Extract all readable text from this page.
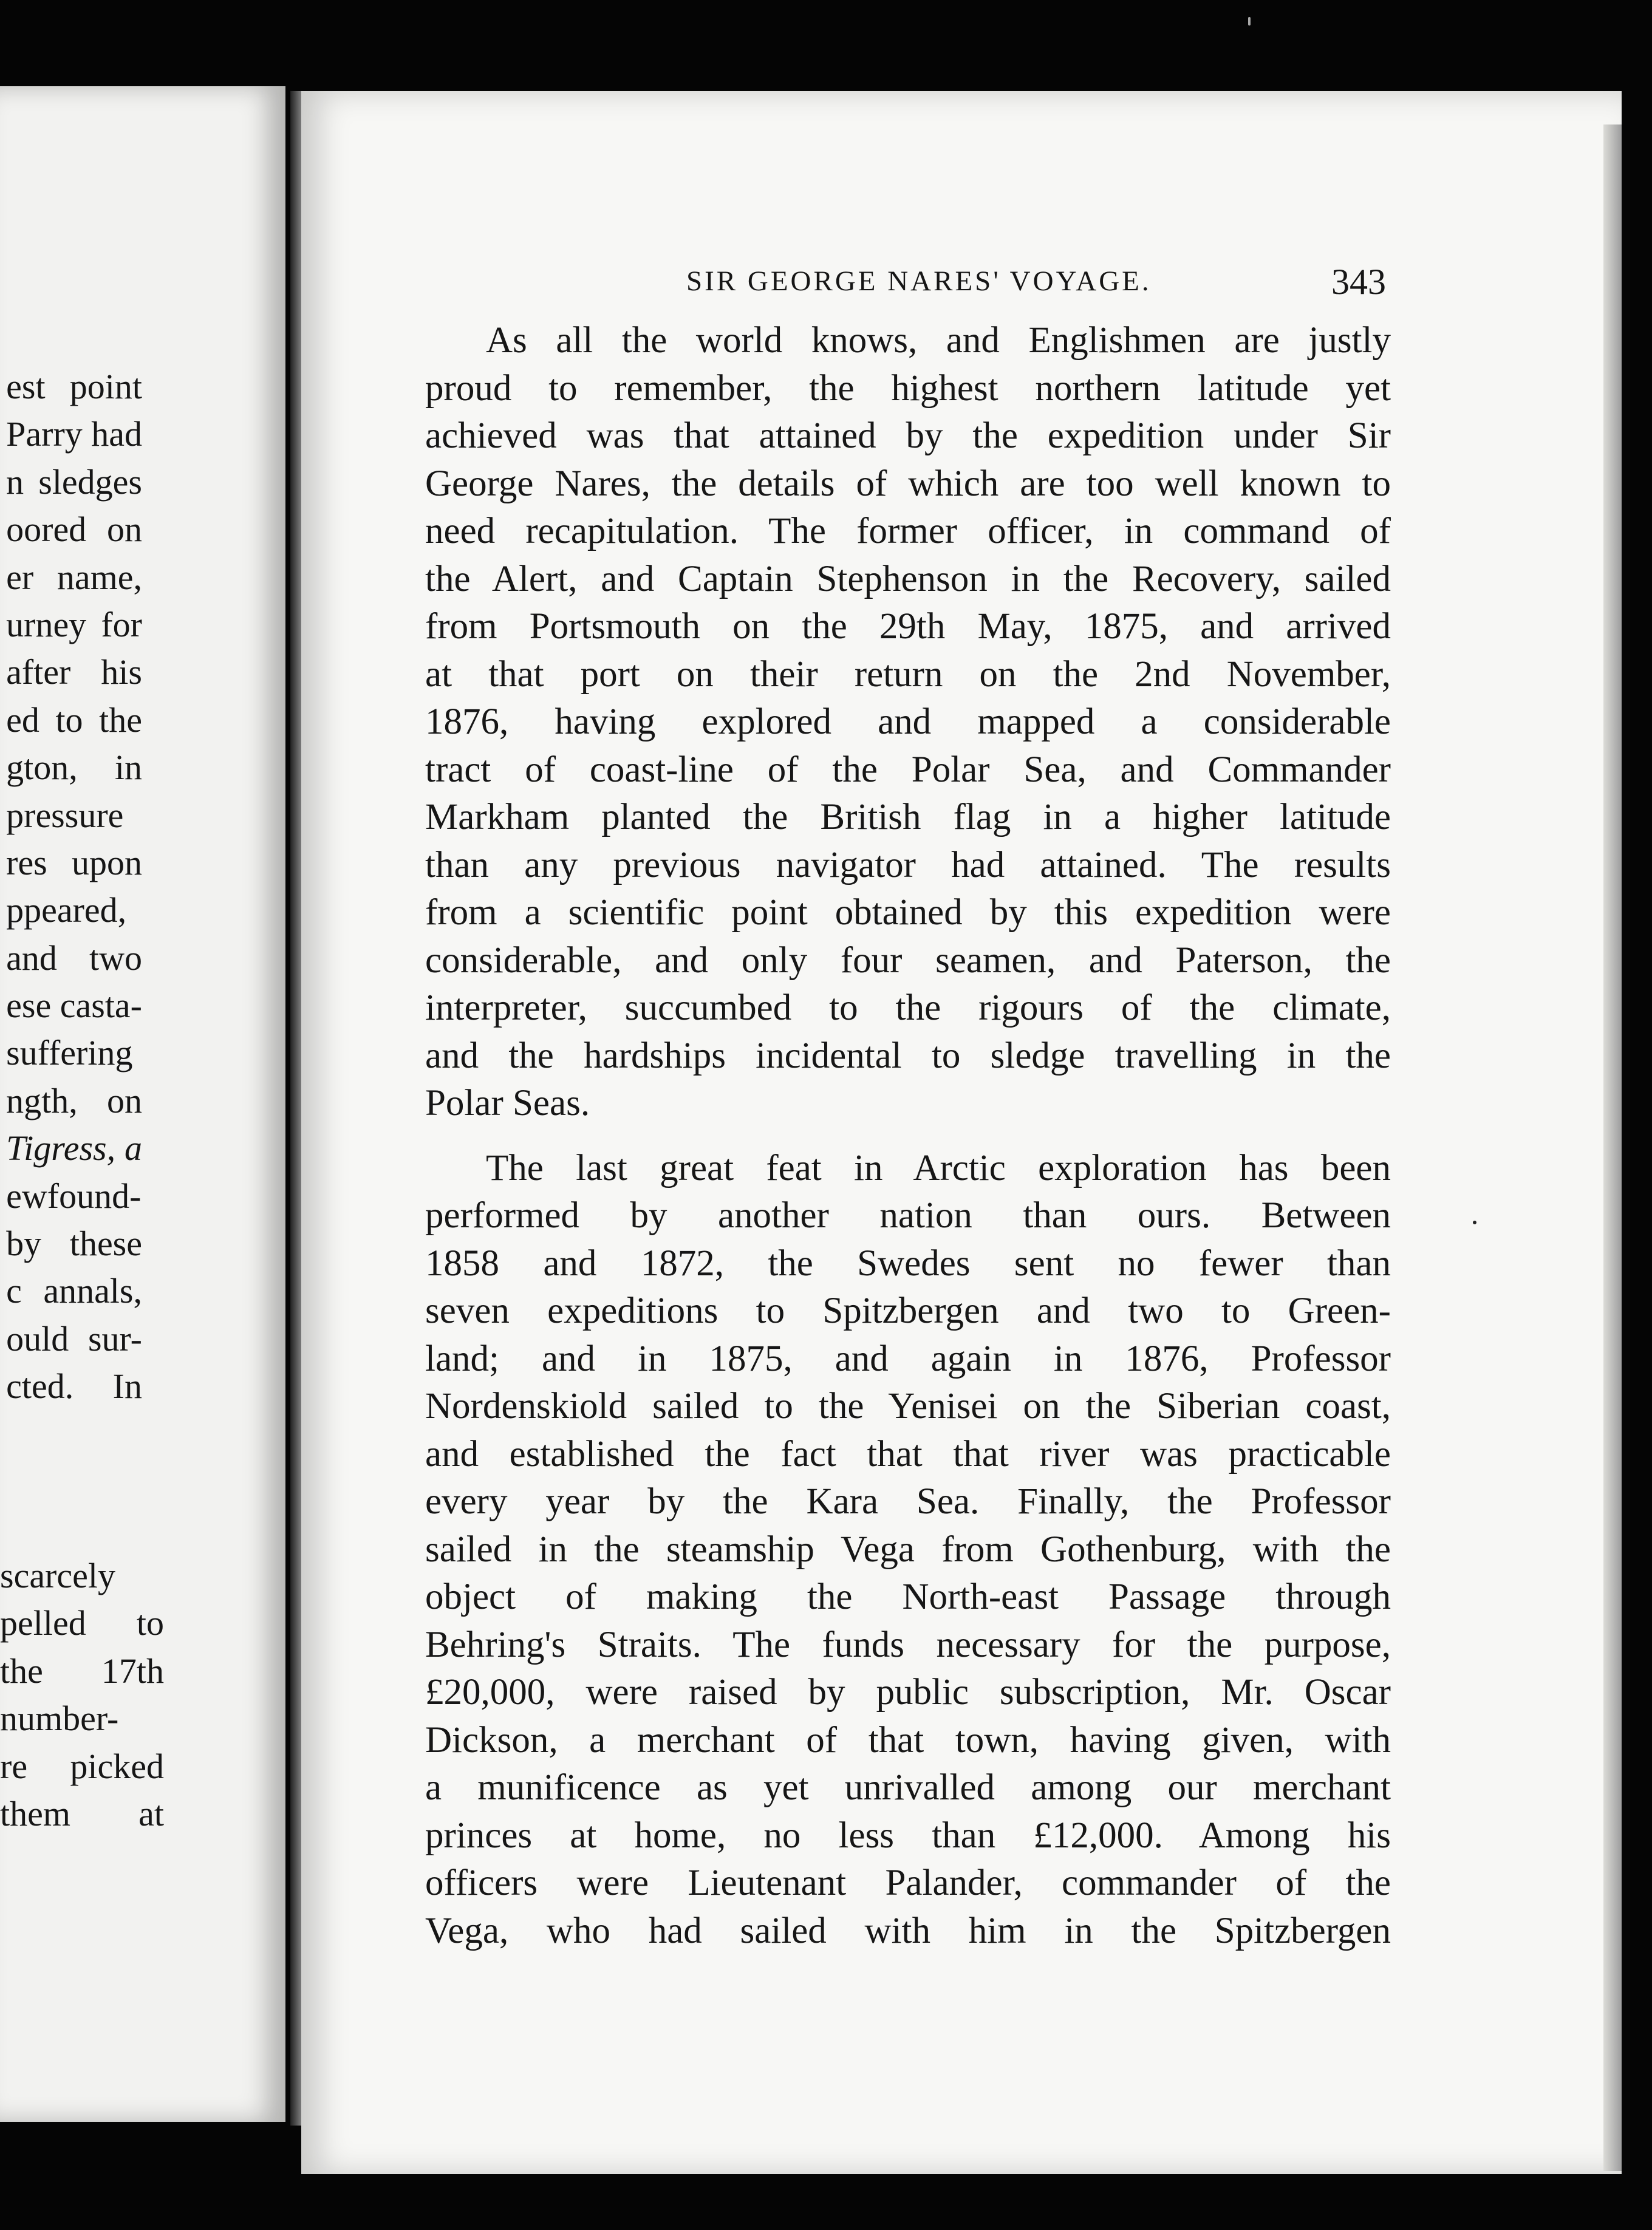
est point
Parry had
n sledges
oored on
er name,
urney for
after his
ed to the
gton, in
pressure
res upon
ppeared,
and two
ese casta-
suffering
ngth, on
Tigress, a
ewfound-
by these
c annals,
ould sur-
cted. In
scarcely
pelled to
the 17th
number-
re picked
them at
SIR GEORGE NARES' VOYAGE.	343
As all the world knows, and Englishmen are justly
proud to remember, the highest northern latitude yet
achieved was that attained by the expedition under Sir
George Nares, the details of which are too well known to
need recapitulation. The former officer, in command of
the Alert, and Captain Stephenson in the Recovery, sailed
from Portsmouth on the 29th May, 1875, and arrived
at that port on their return on the 2nd November,
1876, having explored and mapped a considerable
tract of coast-line of the Polar Sea, and Commander
Markham planted the British flag in a higher latitude
than any previous navigator had attained. The results
from a scientific point obtained by this expedition were
considerable, and only four seamen, and Paterson, the
interpreter, succumbed to the rigours of the climate,
and the hardships incidental to sledge travelling in the
Polar Seas.
The last great feat in Arctic exploration has been
performed by another nation than ours. Between
1858 and 1872, the Swedes sent no fewer than
seven expeditions to Spitzbergen and two to Green-
land; and in 1875, and again in 1876, Professor
Nordenskiold sailed to the Yenisei on the Siberian coast,
and established the fact that that river was practicable
every year by the Kara Sea. Finally, the Professor
sailed in the steamship Vega from Gothenburg, with the
object of making the North-east Passage through
Behring's Straits. The funds necessary for the purpose,
£20,000, were raised by public subscription, Mr. Oscar
Dickson, a merchant of that town, having given, with
a munificence as yet unrivalled among our merchant
princes at home, no less than £12,000. Among his
officers were Lieutenant Palander, commander of the
Vega, who had sailed with him in the Spitzbergen
